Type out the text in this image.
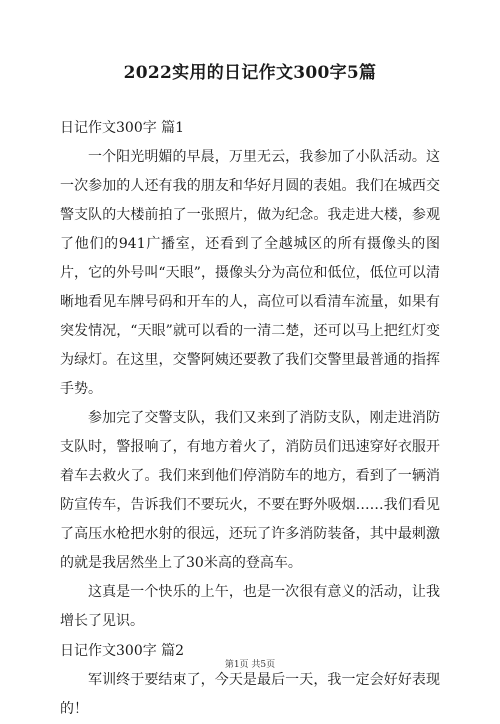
2022实用的日记作文300字5篇

日记作文300字 篇1

一个阳光明媚的早晨，万里无云，我参加了小队活动。这一次参加的人还有我的朋友和华好月圆的表姐。我们在城西交警支队的大楼前拍了一张照片，做为纪念。我走进大楼，参观了他们的941广播室，还看到了全越城区的所有摄像头的图片，它的外号叫“天眼”，摄像头分为高位和低位，低位可以清晰地看见车牌号码和开车的人，高位可以看清车流量，如果有突发情况，“天眼”就可以看的一清二楚，还可以马上把红灯变为绿灯。在这里，交警阿姨还要教了我们交警里最普通的指挥手势。

参加完了交警支队，我们又来到了消防支队，刚走进消防支队时，警报响了，有地方着火了，消防员们迅速穿好衣服开着车去救火了。我们来到他们停消防车的地方，看到了一辆消防宣传车，告诉我们不要玩火，不要在野外吸烟……我们看见了高压水枪把水射的很远，还玩了许多消防装备，其中最刺激的就是我居然坐上了30米高的登高车。

这真是一个快乐的上午，也是一次很有意义的活动，让我增长了见识。

日记作文300字 篇2

军训终于要结束了，今天是最后一天，我一定会好好表现的！

第1页 共5页
